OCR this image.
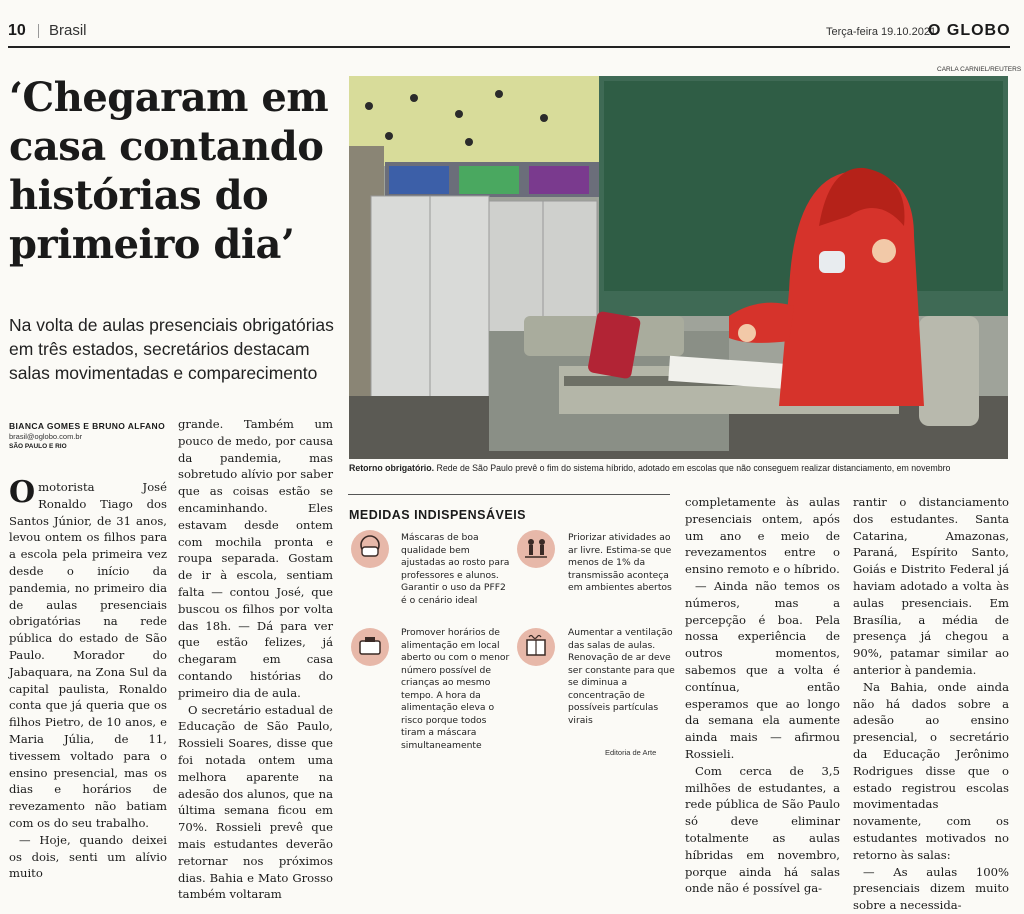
10 Brasil	Terça-feira 19.10.2021
O GLOBO
‘Chegaram em casa contando histórias do primeiro dia’
Na volta de aulas presenciais obrigatórias em três estados, secretários destacam salas movimentadas e comparecimento
BIANCA GOMES E BRUNO ALFANO
brasil@oglobo.com.br
SÃO PAULO E RIO
CARLA CARNIEL/REUTERS
Retorno obrigatório. Rede de São Paulo prevê o fim do sistema híbrido, adotado em escolas que não conseguem realizar distanciamento, em novembro

Omotorista José Ronaldo Tiago dos Santos Júnior, de 31 anos, levou ontem os filhos para a escola pela primeira vez desde o início da pandemia, no primeiro dia de aulas presenciais obrigatórias na rede pública do estado de São Paulo. Morador do Jabaquara, na Zona Sul da capital paulista, Ronaldo conta que já queria que os filhos Pietro, de 10 anos, e Maria Júlia, de 11, tivessem voltado para o ensino presencial, mas os dias e horários de revezamento não batiam com os do seu trabalho.

— Hoje, quando deixei os dois, senti um alívio muito

grande. Também um pouco de medo, por causa da pandemia, mas sobretudo alívio por saber que as coisas estão se encaminhando. Eles estavam desde ontem com mochila pronta e roupa separada. Gostam de ir à escola, sentiam falta — contou José, que buscou os filhos por volta das 18h. — Dá para ver que estão felizes, já chegaram em casa contando histórias do primeiro dia de aula.

O secretário estadual de Educação de São Paulo, Rossieli Soares, disse que foi notada ontem uma melhora aparente na adesão dos alunos, que na última semana ficou em 70%. Rossieli prevê que mais estudantes deverão retornar nos próximos dias. Bahia e Mato Grosso também voltaram

MEDIDAS INDISPENSÁVEIS
Máscaras de boa qualidade bem ajustadas ao rosto para professores e alunos. Garantir o uso da PFF2 é o cenário ideal
Priorizar atividades ao ar livre. Estima-se que menos de 1% da transmissão aconteça em ambientes abertos
Promover horários de alimentação em local aberto ou com o menor número possível de crianças ao mesmo tempo. A hora da alimentação eleva o risco porque todos tiram a máscara simultaneamente
Aumentar a ventilação das salas de aulas. Renovação de ar deve ser constante para que se diminua a concentração de possíveis partículas virais
Editoria de Arte

completamente às aulas presenciais ontem, após um ano e meio de revezamentos entre o ensino remoto e o híbrido.

— Ainda não temos os números, mas a percepção é boa. Pela nossa experiência de outros momentos, sabemos que a volta é contínua, então esperamos que ao longo da semana ela aumente ainda mais — afirmou Rossieli.

Com cerca de 3,5 milhões de estudantes, a rede pública de São Paulo só deve eliminar totalmente as aulas híbridas em novembro, porque ainda há salas onde não é possível ga-

rantir o distanciamento dos estudantes. Santa Catarina, Amazonas, Paraná, Espírito Santo, Goiás e Distrito Federal já haviam adotado a volta às aulas presenciais. Em Brasília, a média de presença já chegou a 90%, patamar similar ao anterior à pandemia.

Na Bahia, onde ainda não há dados sobre a adesão ao ensino presencial, o secretário da Educação Jerônimo Rodrigues disse que o estado registrou escolas movimentadas novamente, com os estudantes motivados no retorno às salas:

— As aulas 100% presenciais dizem muito sobre a necessida-
